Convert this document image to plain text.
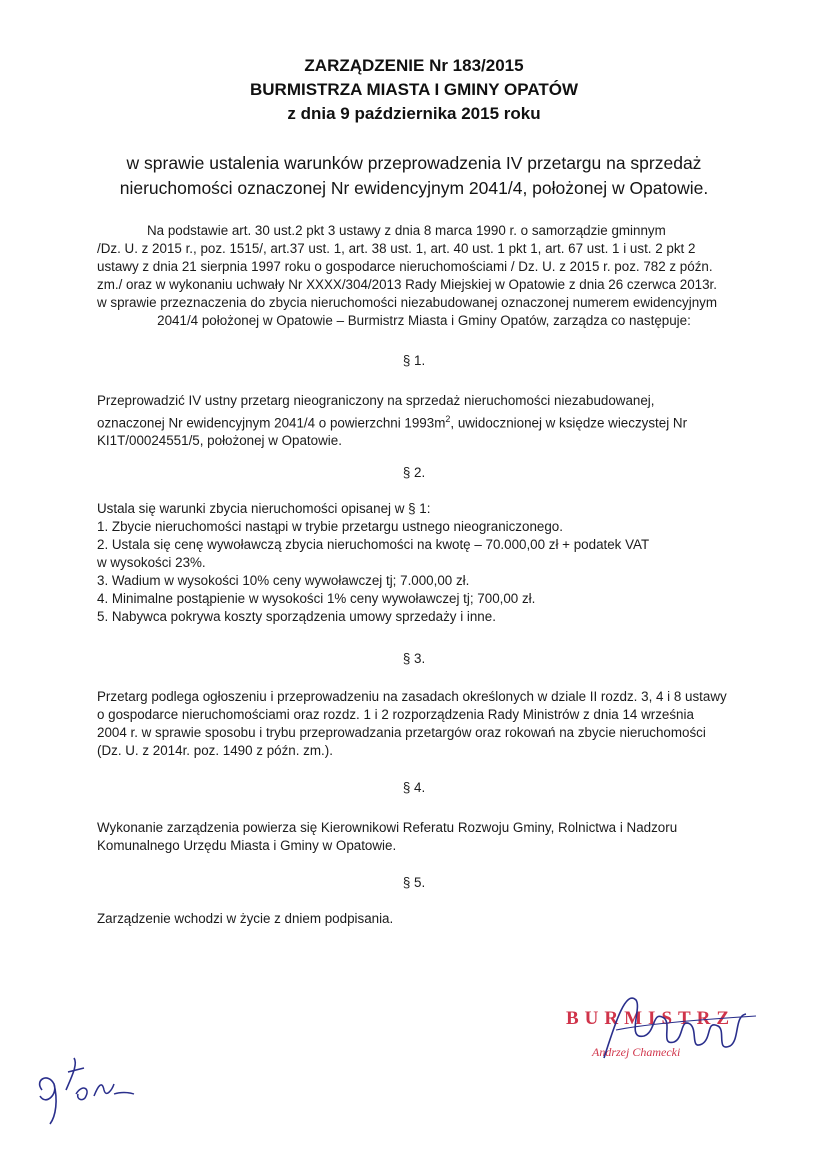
ZARZĄDZENIE Nr 183/2015
BURMISTRZA MIASTA I GMINY OPATÓW
z dnia 9 października 2015 roku
w sprawie ustalenia warunków przeprowadzenia IV przetargu na sprzedaż
nieruchomości oznaczonej Nr ewidencyjnym 2041/4, położonej w Opatowie.
Na podstawie art. 30 ust.2 pkt 3 ustawy z dnia 8 marca 1990 r. o samorządzie gminnym
/Dz. U. z 2015 r., poz. 1515/, art.37 ust. 1, art. 38 ust. 1, art. 40 ust. 1 pkt 1, art. 67 ust. 1 i ust. 2 pkt 2
ustawy z dnia 21 sierpnia 1997 roku o gospodarce nieruchomościami / Dz. U. z 2015 r. poz. 782 z późn.
zm./ oraz w wykonaniu uchwały Nr XXXX/304/2013 Rady Miejskiej w Opatowie z dnia 26 czerwca 2013r.
w sprawie przeznaczenia do zbycia nieruchomości niezabudowanej oznaczonej numerem ewidencyjnym
2041/4 położonej w Opatowie – Burmistrz Miasta i Gminy Opatów, zarządza co następuje:
§ 1.
Przeprowadzić IV ustny przetarg nieograniczony na sprzedaż nieruchomości niezabudowanej,
oznaczonej Nr ewidencyjnym 2041/4 o powierzchni $1993m^2$, uwidocznionej w księdze wieczystej Nr
KI1T/00024551/5, położonej w Opatowie.
§ 2.
Ustala się warunki zbycia nieruchomości opisanej w § 1:
1. Zbycie nieruchomości nastąpi w trybie przetargu ustnego nieograniczonego.
2. Ustala się cenę wywoławczą zbycia nieruchomości na kwotę – 70.000,00 zł + podatek VAT
w wysokości 23%.
3. Wadium w wysokości 10% ceny wywoławczej tj; 7.000,00 zł.
4. Minimalne postąpienie w wysokości 1% ceny wywoławczej tj; 700,00 zł.
5. Nabywca pokrywa koszty sporządzenia umowy sprzedaży i inne.
§ 3.
Przetarg podlega ogłoszeniu i przeprowadzeniu na zasadach określonych w dziale II rozdz. 3, 4 i 8 ustawy
o gospodarce nieruchomościami oraz rozdz. 1 i 2 rozporządzenia Rady Ministrów z dnia 14 września
2004 r. w sprawie sposobu i trybu przeprowadzania przetargów oraz rokowań na zbycie nieruchomości
(Dz. U. z 2014r. poz. 1490 z późn. zm.).
§ 4.
Wykonanie zarządzenia powierza się Kierownikowi Referatu Rozwoju Gminy, Rolnictwa i Nadzoru
Komunalnego Urzędu Miasta i Gminy w Opatowie.
§ 5.
Zarządzenie wchodzi w życie z dniem podpisania.
BURMISTRZ
Andrzej Chamecki
